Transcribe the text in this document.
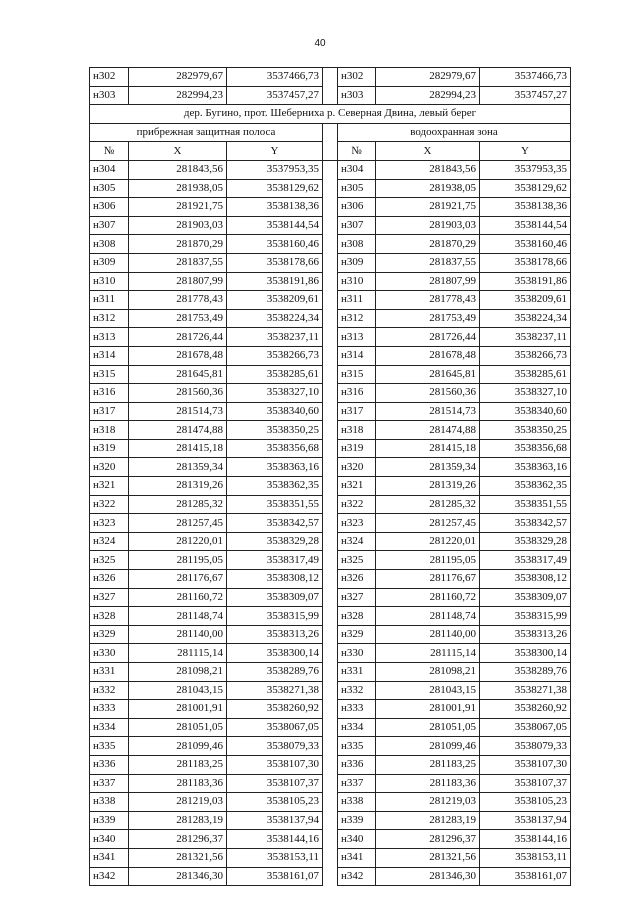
40
н302	282979,67	3537466,73		н302	282979,67	3537466,73
н303	282994,23	3537457,27		н303	282994,23	3537457,27
дер. Бугино, прот. Шеберниха р. Северная Двина, левый берег						
прибрежная защитная полоса				водоохранная зона		
№	X	Y		№	X	Y
н304	281843,56	3537953,35		н304	281843,56	3537953,35
н305	281938,05	3538129,62		н305	281938,05	3538129,62
н306	281921,75	3538138,36		н306	281921,75	3538138,36
н307	281903,03	3538144,54		н307	281903,03	3538144,54
н308	281870,29	3538160,46		н308	281870,29	3538160,46
н309	281837,55	3538178,66		н309	281837,55	3538178,66
н310	281807,99	3538191,86		н310	281807,99	3538191,86
н311	281778,43	3538209,61		н311	281778,43	3538209,61
н312	281753,49	3538224,34		н312	281753,49	3538224,34
н313	281726,44	3538237,11		н313	281726,44	3538237,11
н314	281678,48	3538266,73		н314	281678,48	3538266,73
н315	281645,81	3538285,61		н315	281645,81	3538285,61
н316	281560,36	3538327,10		н316	281560,36	3538327,10
н317	281514,73	3538340,60		н317	281514,73	3538340,60
н318	281474,88	3538350,25		н318	281474,88	3538350,25
н319	281415,18	3538356,68		н319	281415,18	3538356,68
н320	281359,34	3538363,16		н320	281359,34	3538363,16
н321	281319,26	3538362,35		н321	281319,26	3538362,35
н322	281285,32	3538351,55		н322	281285,32	3538351,55
н323	281257,45	3538342,57		н323	281257,45	3538342,57
н324	281220,01	3538329,28		н324	281220,01	3538329,28
н325	281195,05	3538317,49		н325	281195,05	3538317,49
н326	281176,67	3538308,12		н326	281176,67	3538308,12
н327	281160,72	3538309,07		н327	281160,72	3538309,07
н328	281148,74	3538315,99		н328	281148,74	3538315,99
н329	281140,00	3538313,26		н329	281140,00	3538313,26
н330	281115,14	3538300,14		н330	281115,14	3538300,14
н331	281098,21	3538289,76		н331	281098,21	3538289,76
н332	281043,15	3538271,38		н332	281043,15	3538271,38
н333	281001,91	3538260,92		н333	281001,91	3538260,92
н334	281051,05	3538067,05		н334	281051,05	3538067,05
н335	281099,46	3538079,33		н335	281099,46	3538079,33
н336	281183,25	3538107,30		н336	281183,25	3538107,30
н337	281183,36	3538107,37		н337	281183,36	3538107,37
н338	281219,03	3538105,23		н338	281219,03	3538105,23
н339	281283,19	3538137,94		н339	281283,19	3538137,94
н340	281296,37	3538144,16		н340	281296,37	3538144,16
н341	281321,56	3538153,11		н341	281321,56	3538153,11
н342	281346,30	3538161,07		н342	281346,30	3538161,07
